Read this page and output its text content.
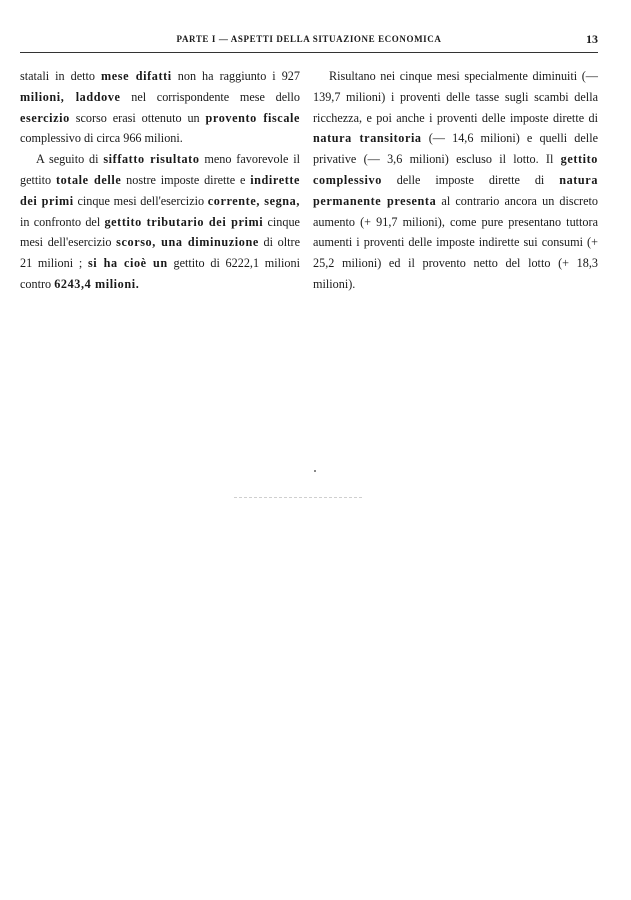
PARTE I — ASPETTI DELLA SITUAZIONE ECONOMICA	13

statali in detto mese difatti non ha raggiunto i 927 milioni, laddove nel corrispondente mese dello esercizio scorso erasi ottenuto un provento fiscale complessivo di circa 966 milioni.

A seguito di siffatto risultato meno favorevole il gettito totale delle nostre imposte dirette e indirette dei primi cinque mesi dell'esercizio corrente, segna, in confronto del gettito tributario dei primi cinque mesi dell'esercizio scorso, una diminuzione di oltre 21 milioni ; si ha cioè un gettito di 6222,1 milioni contro 6243,4 milioni.

Risultano nei cinque mesi specialmente diminuiti (— 139,7 milioni) i proventi delle tasse sugli scambi della ricchezza, e poi anche i proventi delle imposte dirette di natura transitoria (— 14,6 milioni) e quelli delle privative (— 3,6 milioni) escluso il lotto. Il gettito complessivo delle imposte dirette di natura permanente presenta al contrario ancora un discreto aumento (+ 91,7 milioni), come pure presentano tuttora aumenti i proventi delle imposte indirette sui consumi (+ 25,2 milioni) ed il provento netto del lotto (+ 18,3 milioni).
